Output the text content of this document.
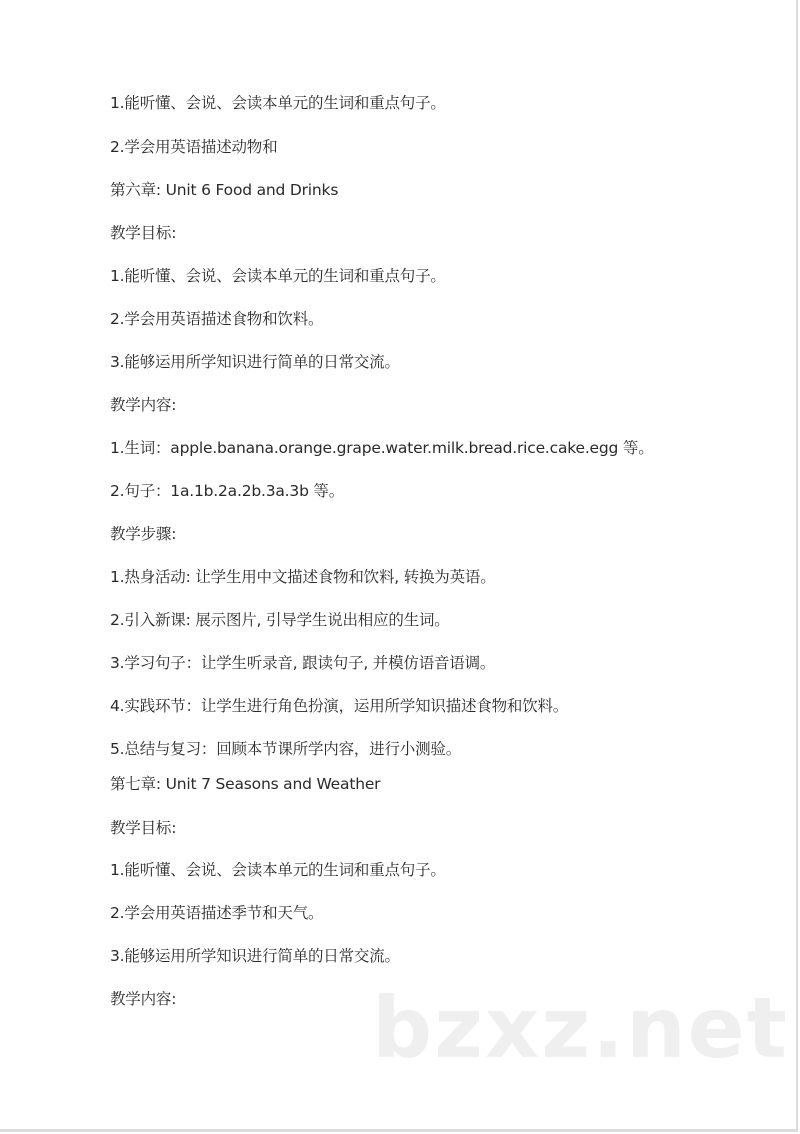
1.能听懂、会说、会读本单元的生词和重点句子。
2.学会用英语描述动物和
第六章: Unit 6 Food and Drinks
教学目标:
1.能听懂、会说、会读本单元的生词和重点句子。
2.学会用英语描述食物和饮料。
3.能够运用所学知识进行简单的日常交流。
教学内容:
1.生词：apple.banana.orange.grape.water.milk.bread.rice.cake.egg 等。
2.句子：1a.1b.2a.2b.3a.3b 等。
教学步骤:
1.热身活动: 让学生用中文描述食物和饮料, 转换为英语。
2.引入新课: 展示图片, 引导学生说出相应的生词。
3.学习句子：让学生听录音, 跟读句子, 并模仿语音语调。
4.实践环节：让学生进行角色扮演，运用所学知识描述食物和饮料。
5.总结与复习：回顾本节课所学内容，进行小测验。
第七章: Unit 7 Seasons and Weather
教学目标:
1.能听懂、会说、会读本单元的生词和重点句子。
2.学会用英语描述季节和天气。
3.能够运用所学知识进行简单的日常交流。
教学内容: bzxz.net
